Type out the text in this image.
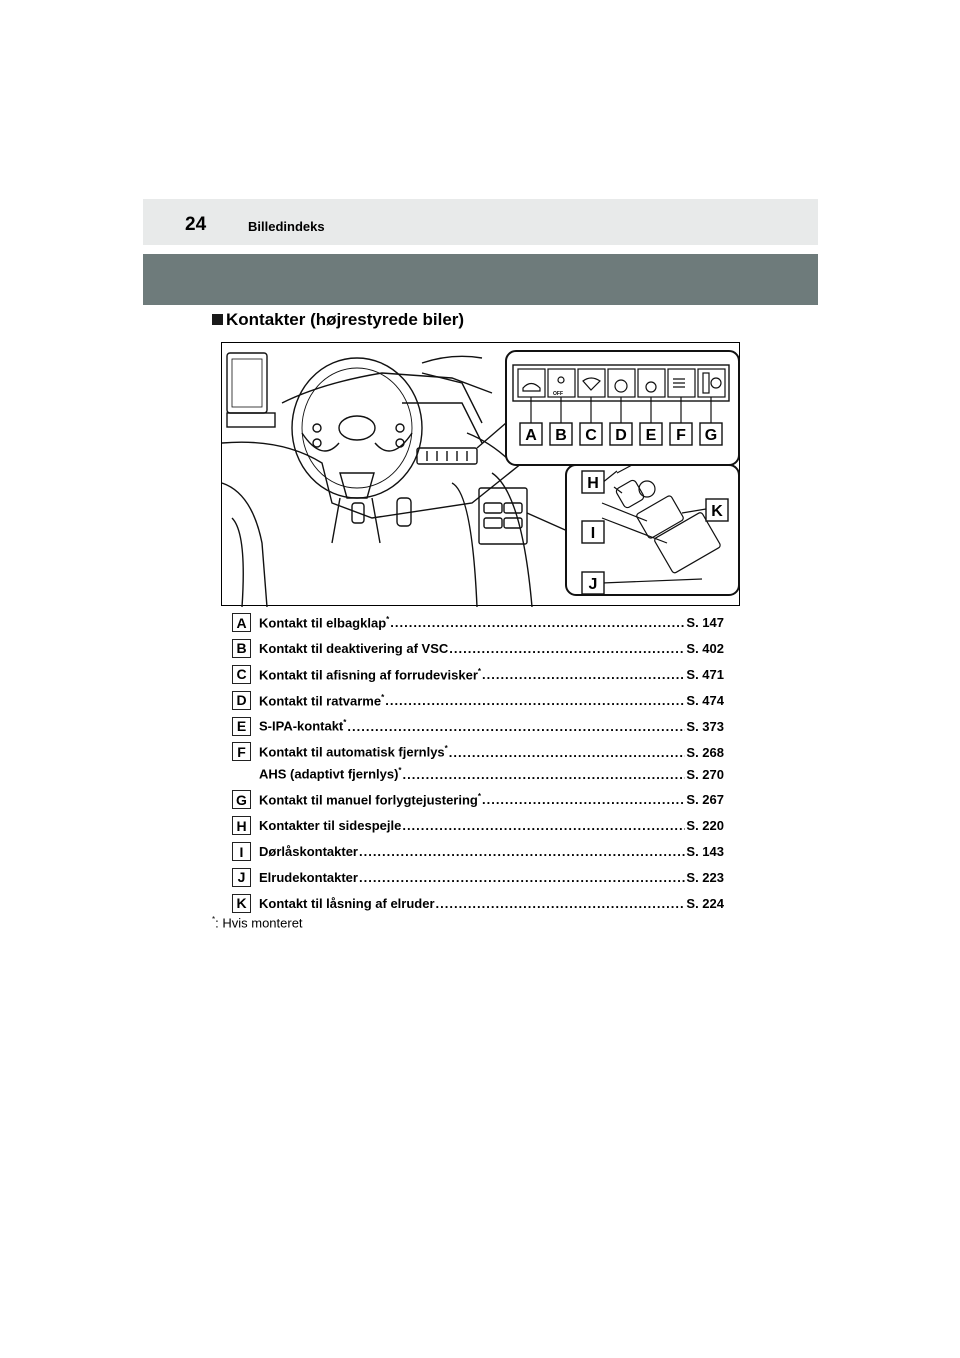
24	Billedindeks
Kontakter (højrestyrede biler)
OFF
A B C D E F G
H
K
I
J
A Kontakt til elbagklap* .....	S. 147
B Kontakt til deaktivering af VSC .....	S. 402
C Kontakt til afisning af forrudevisker* .....	S. 471
D Kontakt til ratvarme* .....	S. 474
E S-IPA-kontakt* .....	S. 373
F	Kontakt til automatisk fjernlys* .....	S. 268
AHS (adaptivt fjernlys)* .....	S. 270
G Kontakt til manuel forlygtejustering* .....	S. 267
H Kontakter til sidespejle .....	S. 220
I	Dørlåskontakter .....	S. 143
J	Elrudekontakter .....	S. 223
K Kontakt til låsning af elruder .....	S. 224
*: Hvis monteret
